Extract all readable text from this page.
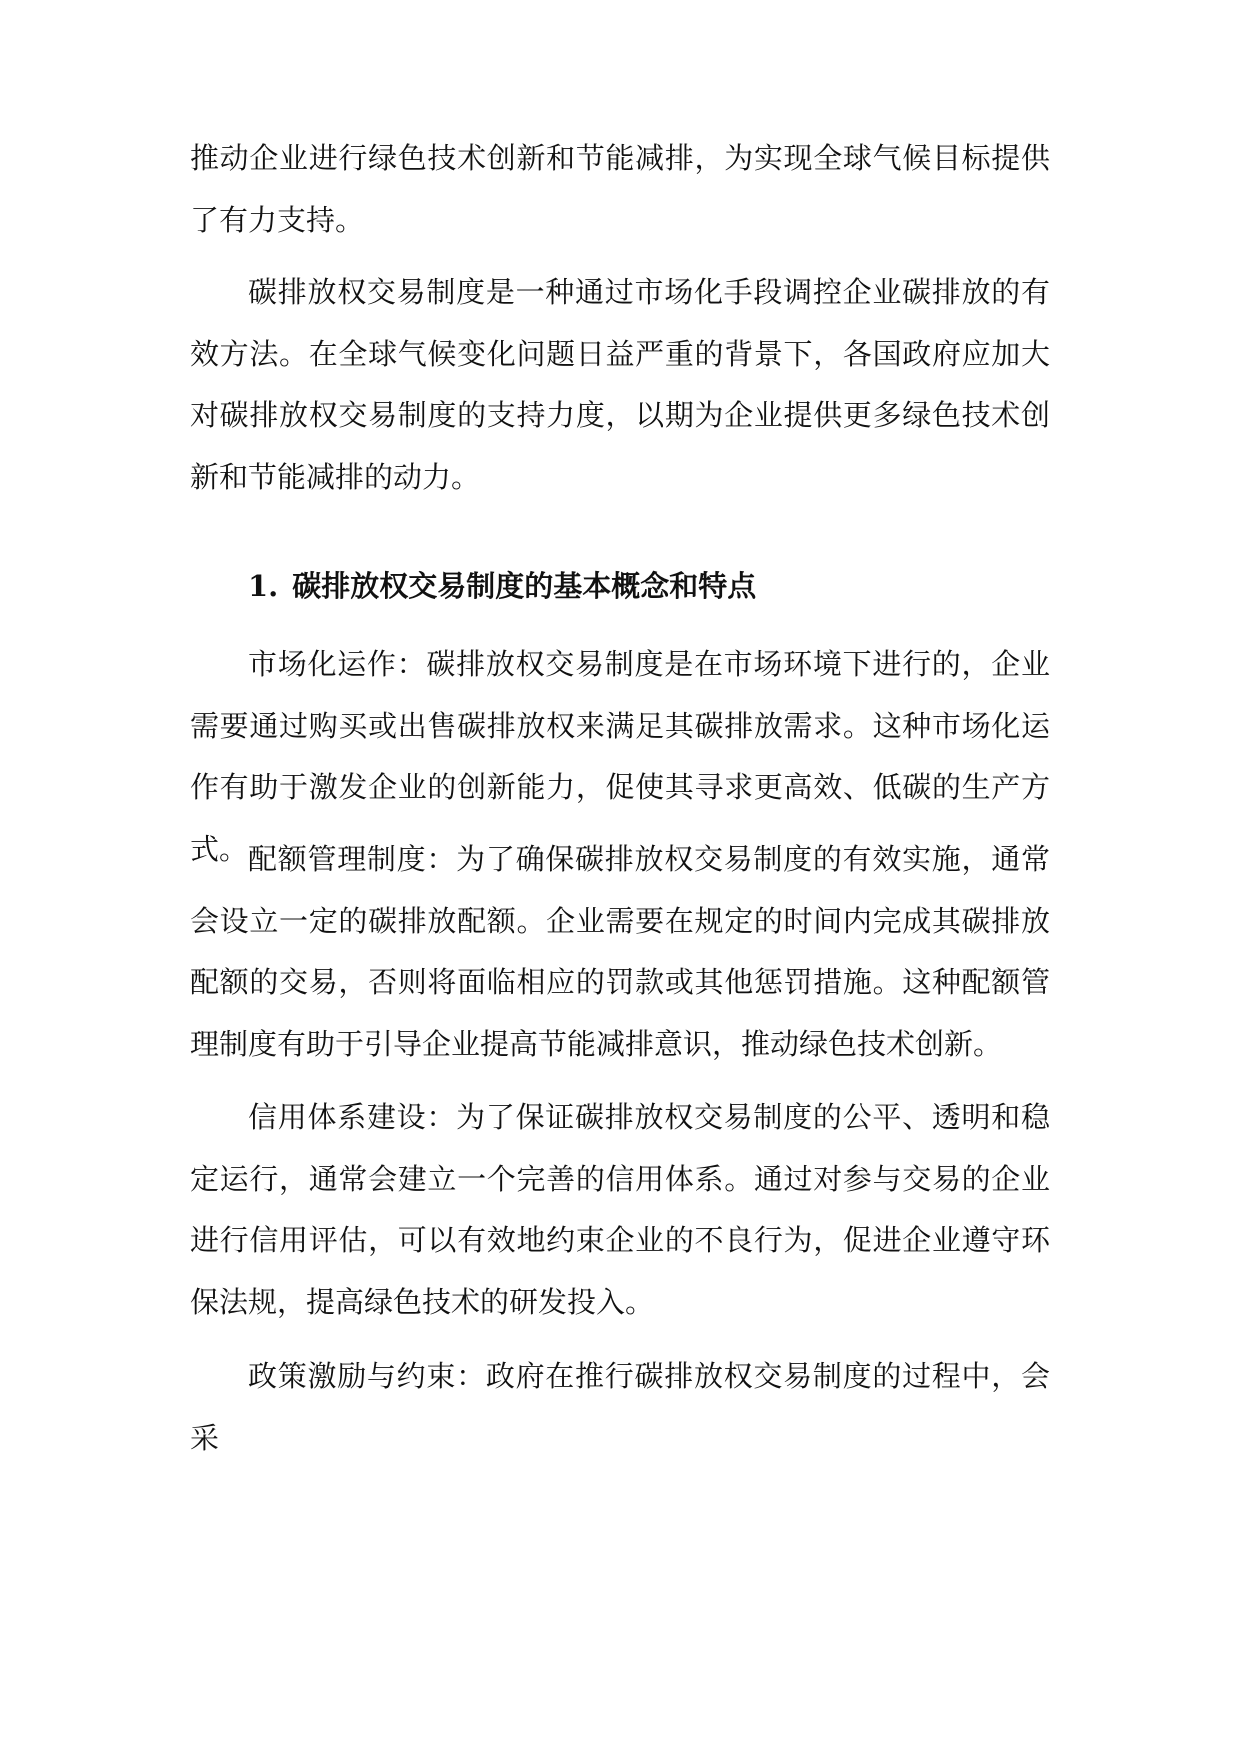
推动企业进行绿色技术创新和节能减排，为实现全球气候目标提供了有力支持。

碳排放权交易制度是一种通过市场化手段调控企业碳排放的有效方法。在全球气候变化问题日益严重的背景下，各国政府应加大对碳排放权交易制度的支持力度，以期为企业提供更多绿色技术创新和节能减排的动力。

1. 碳排放权交易制度的基本概念和特点

市场化运作：碳排放权交易制度是在市场环境下进行的，企业需要通过购买或出售碳排放权来满足其碳排放需求。这种市场化运作有助于激发企业的创新能力，促使其寻求更高效、低碳的生产方式。 配额管理制度：为了确保碳排放权交易制度的有效实施，通常会设立一定的碳排放配额。企业需要在规定的时间内完成其碳排放配额的交易，否则将面临相应的罚款或其他惩罚措施。这种配额管理制度有助于引导企业提高节能减排意识，推动绿色技术创新。

信用体系建设：为了保证碳排放权交易制度的公平、透明和稳定运行，通常会建立一个完善的信用体系。通过对参与交易的企业进行信用评估，可以有效地约束企业的不良行为，促进企业遵守环保法规，提高绿色技术的研发投入。

政策激励与约束：政府在推行碳排放权交易制度的过程中，会采
